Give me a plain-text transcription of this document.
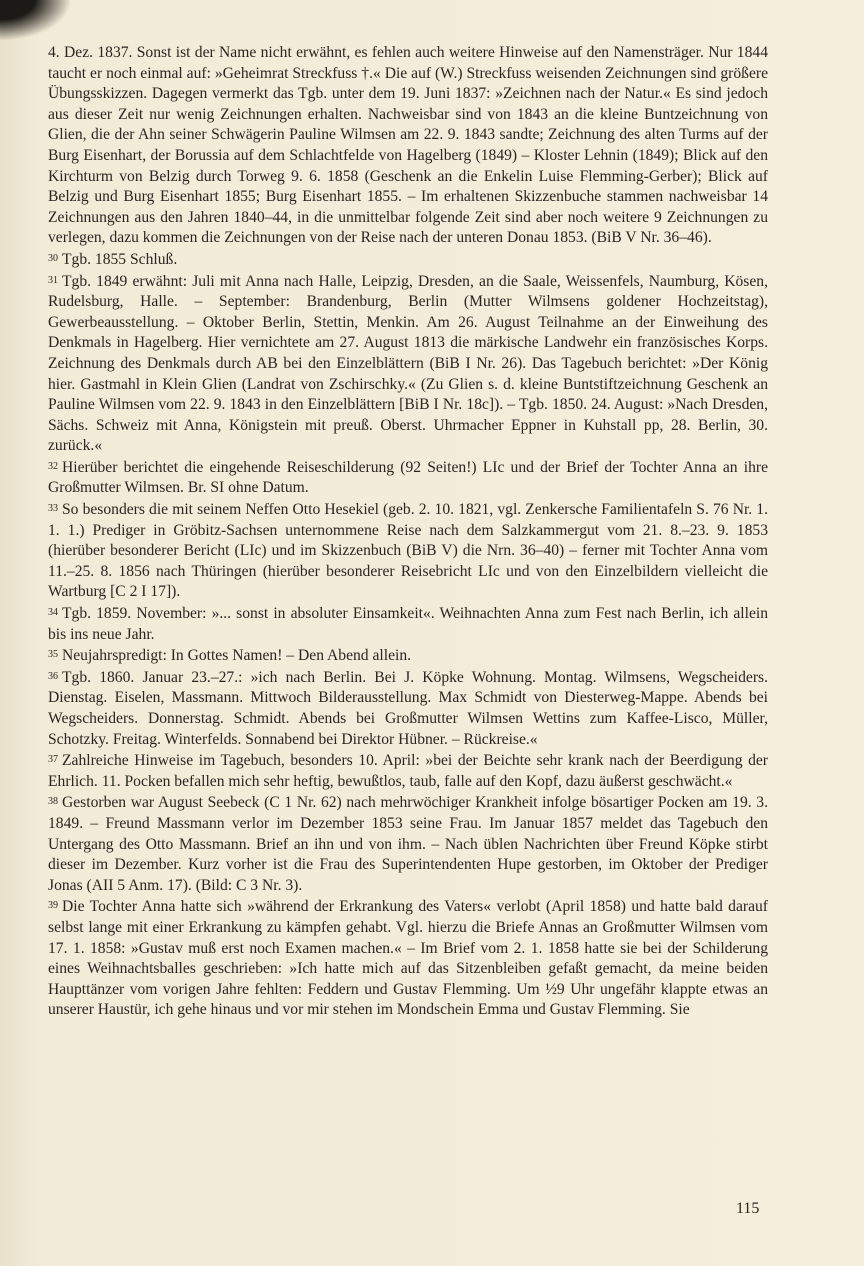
4. Dez. 1837. Sonst ist der Name nicht erwähnt, es fehlen auch weitere Hinweise auf den Namensträger. Nur 1844 taucht er noch einmal auf: »Geheimrat Streckfuss †.« Die auf (W.) Streckfuss weisenden Zeichnungen sind größere Übungsskizzen. Dagegen vermerkt das Tgb. unter dem 19. Juni 1837: »Zeichnen nach der Natur.« Es sind jedoch aus dieser Zeit nur wenig Zeichnungen erhalten. Nachweisbar sind von 1843 an die kleine Buntzeichnung von Glien, die der Ahn seiner Schwägerin Pauline Wilmsen am 22. 9. 1843 sandte; Zeichnung des alten Turms auf der Burg Eisenhart, der Borussia auf dem Schlachtfelde von Hagelberg (1849) – Kloster Lehnin (1849); Blick auf den Kirchturm von Belzig durch Torweg 9. 6. 1858 (Geschenk an die Enkelin Luise Flemming-Gerber); Blick auf Belzig und Burg Eisenhart 1855; Burg Eisenhart 1855. – Im erhaltenen Skizzenbuche stammen nachweisbar 14 Zeichnungen aus den Jahren 1840–44, in die unmittelbar folgende Zeit sind aber noch weitere 9 Zeichnungen zu verlegen, dazu kommen die Zeichnungen von der Reise nach der unteren Donau 1853. (BiB V Nr. 36–46).

30 Tgb. 1855 Schluß.

31 Tgb. 1849 erwähnt: Juli mit Anna nach Halle, Leipzig, Dresden, an die Saale, Weissenfels, Naumburg, Kösen, Rudelsburg, Halle. – September: Brandenburg, Berlin (Mutter Wilmsens goldener Hochzeitstag), Gewerbeausstellung. – Oktober Berlin, Stettin, Menkin. Am 26. August Teilnahme an der Einweihung des Denkmals in Hagelberg. Hier vernichtete am 27. August 1813 die märkische Landwehr ein französisches Korps. Zeichnung des Denkmals durch AB bei den Einzelblättern (BiB I Nr. 26). Das Tagebuch berichtet: »Der König hier. Gastmahl in Klein Glien (Landrat von Zschirschky.« (Zu Glien s. d. kleine Buntstiftzeichnung Geschenk an Pauline Wilmsen vom 22. 9. 1843 in den Einzelblättern [BiB I Nr. 18c]). – Tgb. 1850. 24. August: »Nach Dresden, Sächs. Schweiz mit Anna, Königstein mit preuß. Oberst. Uhrmacher Eppner in Kuhstall pp, 28. Berlin, 30. zurück.«

32 Hierüber berichtet die eingehende Reiseschilderung (92 Seiten!) LIc und der Brief der Tochter Anna an ihre Großmutter Wilmsen. Br. SI ohne Datum.

33 So besonders die mit seinem Neffen Otto Hesekiel (geb. 2. 10. 1821, vgl. Zenkersche Familientafeln S. 76 Nr. 1. 1. 1.) Prediger in Gröbitz-Sachsen unternommene Reise nach dem Salzkammergut vom 21. 8.–23. 9. 1853 (hierüber besonderer Bericht (LIc) und im Skizzenbuch (BiB V) die Nrn. 36–40) – ferner mit Tochter Anna vom 11.–25. 8. 1856 nach Thüringen (hierüber besonderer Reisebricht LIc und von den Einzelbildern vielleicht die Wartburg [C 2 I 17]).

34 Tgb. 1859. November: »... sonst in absoluter Einsamkeit«. Weihnachten Anna zum Fest nach Berlin, ich allein bis ins neue Jahr.

35 Neujahrspredigt: In Gottes Namen! – Den Abend allein.

36 Tgb. 1860. Januar 23.–27.: »ich nach Berlin. Bei J. Köpke Wohnung. Montag. Wilmsens, Wegscheiders. Dienstag. Eiselen, Massmann. Mittwoch Bilderausstellung. Max Schmidt von Diesterweg-Mappe. Abends bei Wegscheiders. Donnerstag. Schmidt. Abends bei Großmutter Wilmsen Wettins zum Kaffee-Lisco, Müller, Schotzky. Freitag. Winterfelds. Sonnabend bei Direktor Hübner. – Rückreise.«

37 Zahlreiche Hinweise im Tagebuch, besonders 10. April: »bei der Beichte sehr krank nach der Beerdigung der Ehrlich. 11. Pocken befallen mich sehr heftig, bewußtlos, taub, falle auf den Kopf, dazu äußerst geschwächt.«

38 Gestorben war August Seebeck (C 1 Nr. 62) nach mehrwöchiger Krankheit infolge bösartiger Pocken am 19. 3. 1849. – Freund Massmann verlor im Dezember 1853 seine Frau. Im Januar 1857 meldet das Tagebuch den Untergang des Otto Massmann. Brief an ihn und von ihm. – Nach üblen Nachrichten über Freund Köpke stirbt dieser im Dezember. Kurz vorher ist die Frau des Superintendenten Hupe gestorben, im Oktober der Prediger Jonas (AII 5 Anm. 17). (Bild: C 3 Nr. 3).

39 Die Tochter Anna hatte sich »während der Erkrankung des Vaters« verlobt (April 1858) und hatte bald darauf selbst lange mit einer Erkrankung zu kämpfen gehabt. Vgl. hierzu die Briefe Annas an Großmutter Wilmsen vom 17. 1. 1858: »Gustav muß erst noch Examen machen.« – Im Brief vom 2. 1. 1858 hatte sie bei der Schilderung eines Weihnachtsballes geschrieben: »Ich hatte mich auf das Sitzenbleiben gefaßt gemacht, da meine beiden Haupttänzer vom vorigen Jahre fehlten: Feddern und Gustav Flemming. Um ½9 Uhr ungefähr klappte etwas an unserer Haustür, ich gehe hinaus und vor mir stehen im Mondschein Emma und Gustav Flemming. Sie

115
